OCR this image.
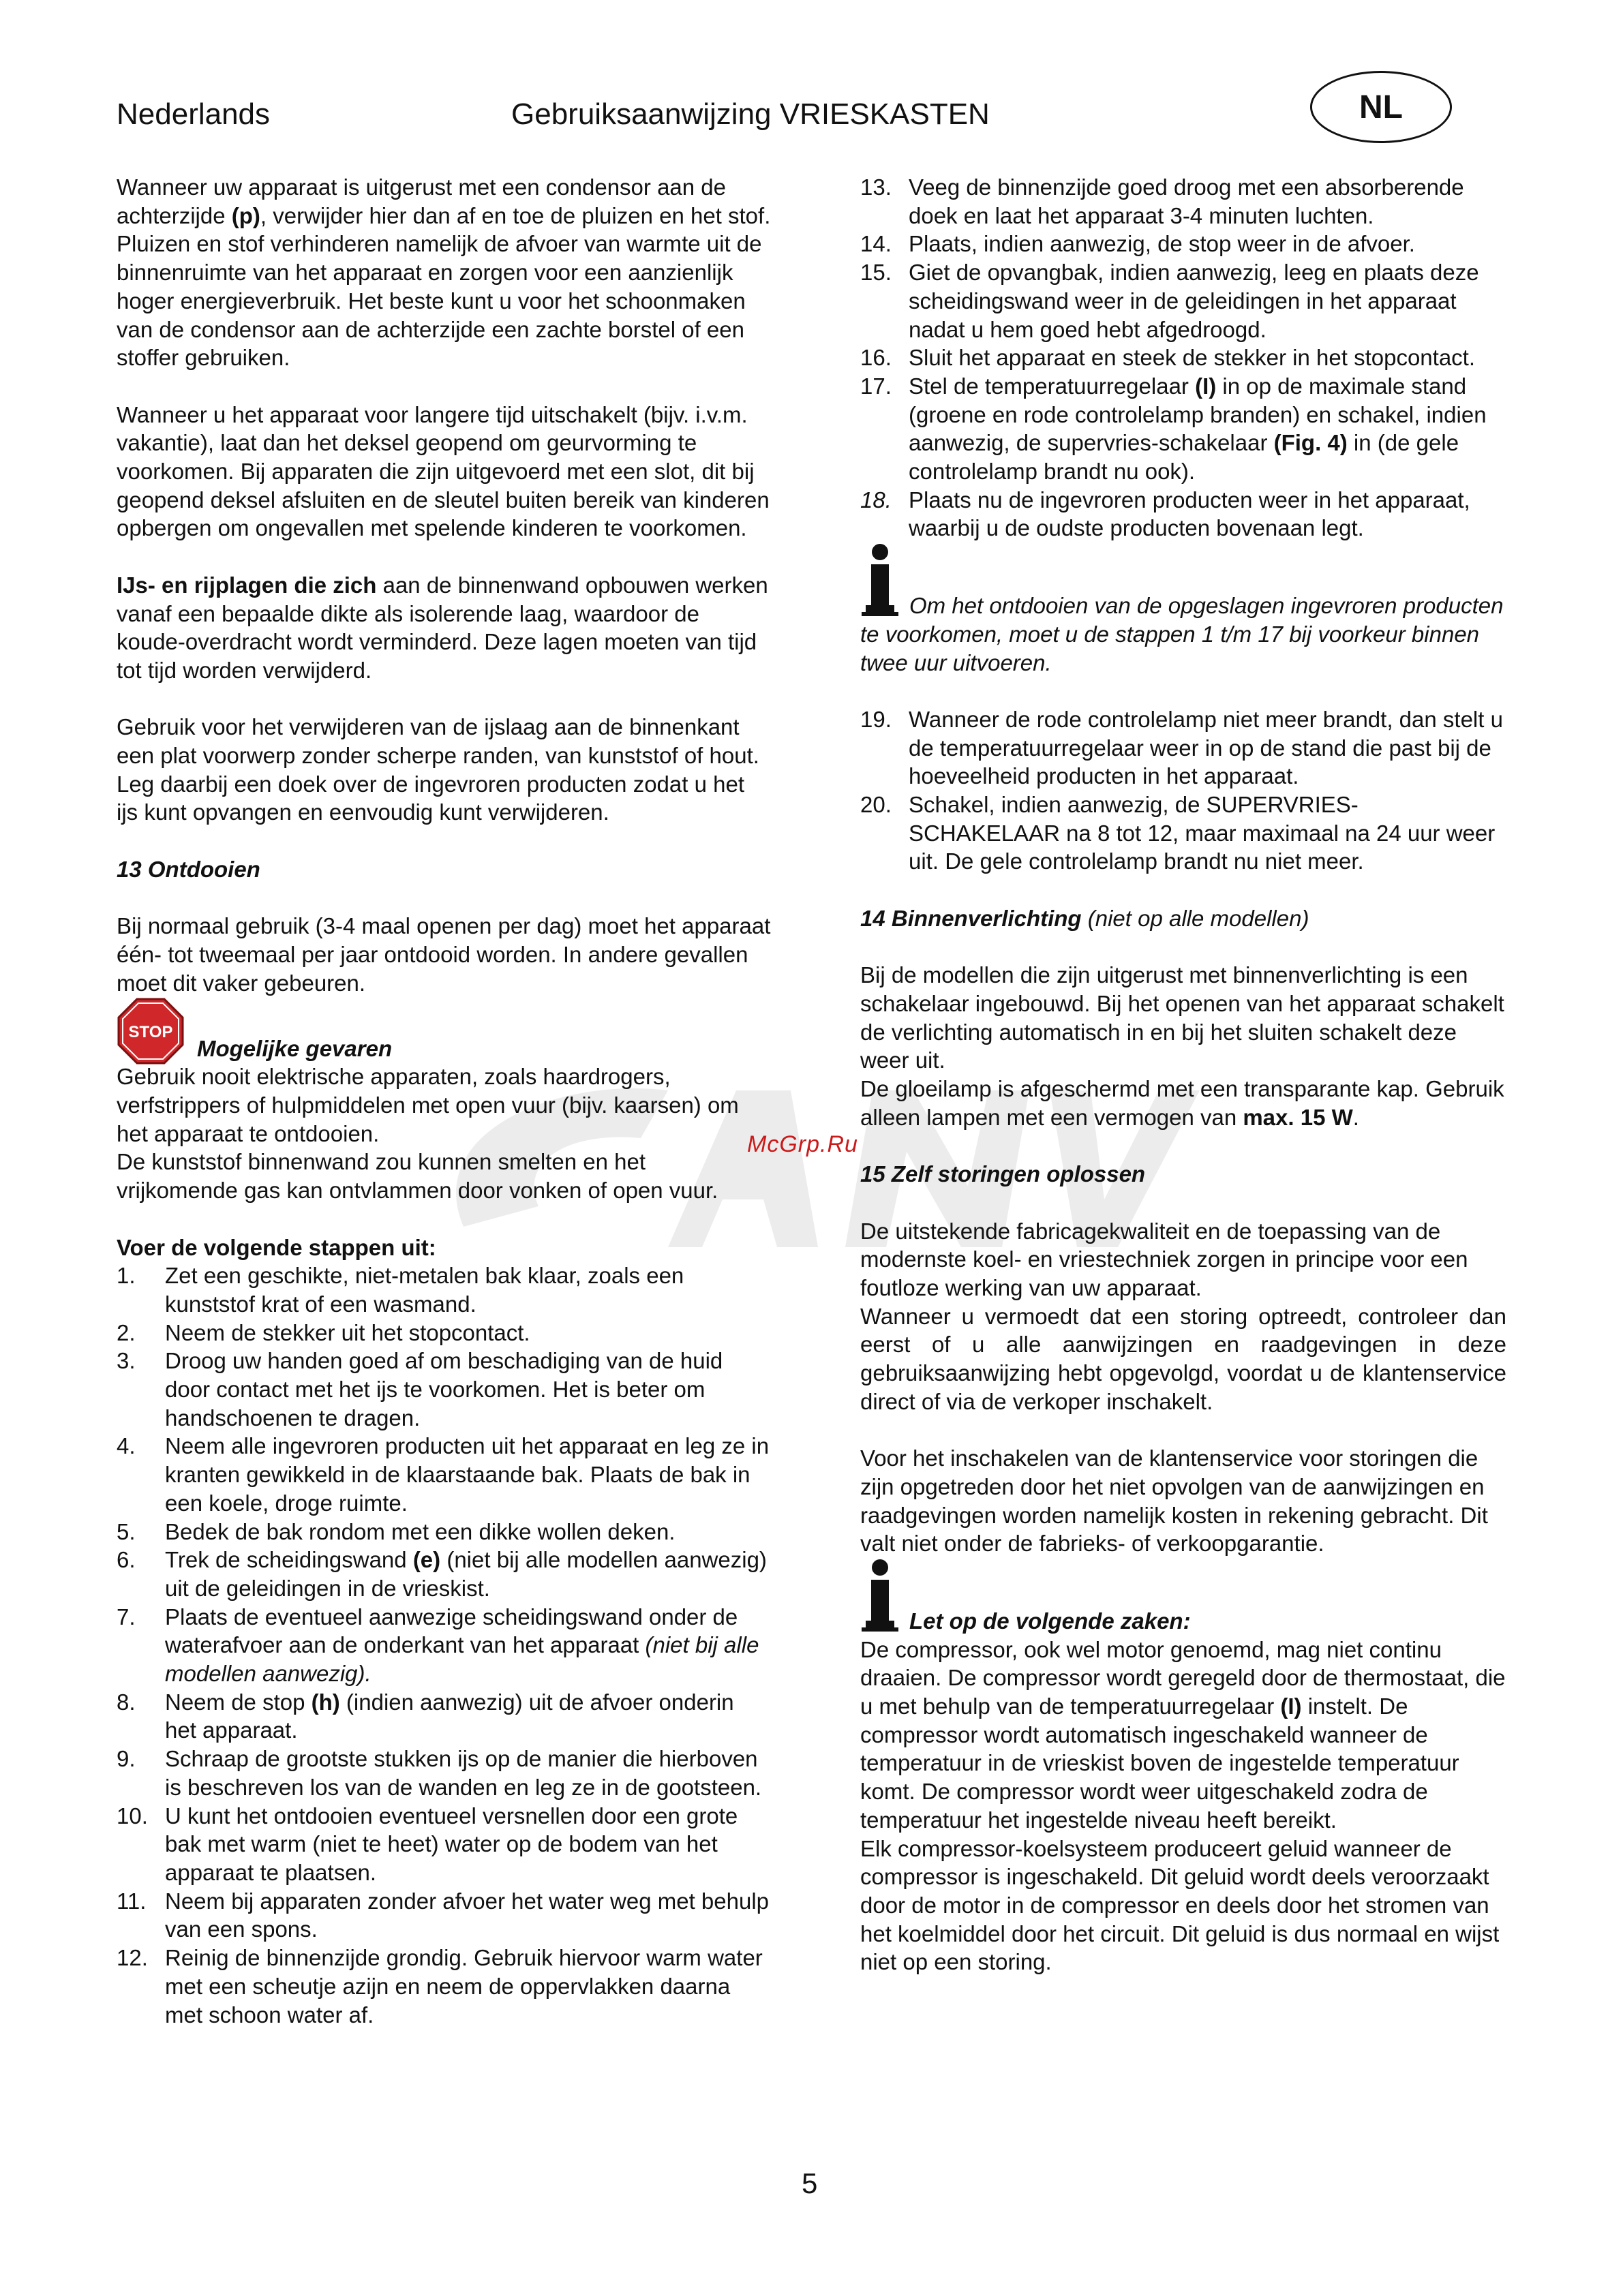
Nederlands	Gebruiksaanwijzing VRIESKASTEN	NL
McGrp.Ru

Wanneer uw apparaat is uitgerust met een condensor aan de achterzijde (p), verwijder hier dan af en toe de pluizen en het stof. Pluizen en stof verhinderen namelijk de afvoer van warmte uit de binnenruimte van het apparaat en zorgen voor een aanzienlijk hoger energieverbruik. Het beste kunt u voor het schoonmaken van de condensor aan de achterzijde een zachte borstel of een stoffer gebruiken.

Wanneer u het apparaat voor langere tijd uitschakelt (bijv. i.v.m. vakantie), laat dan het deksel geopend om geurvorming te voorkomen. Bij apparaten die zijn uitgevoerd met een slot, dit bij geopend deksel afsluiten en de sleutel buiten bereik van kinderen opbergen om ongevallen met spelende kinderen te voorkomen.

IJs- en rijplagen die zich aan de binnenwand opbouwen werken vanaf een bepaalde dikte als isolerende laag, waardoor de koude-overdracht wordt verminderd. Deze lagen moeten van tijd tot tijd worden verwijderd.

Gebruik voor het verwijderen van de ijslaag aan de binnenkant een plat voorwerp zonder scherpe randen, van kunststof of hout.

Leg daarbij een doek over de ingevroren producten zodat u het ijs kunt opvangen en eenvoudig kunt verwijderen.

13 Ontdooien

Bij normaal gebruik (3-4 maal openen per dag) moet het apparaat één- tot tweemaal per jaar ontdooid worden. In andere gevallen moet dit vaker gebeuren.

STOP
Mogelijke gevaren

Gebruik nooit elektrische apparaten, zoals haardrogers, verfstrippers of hulpmiddelen met open vuur (bijv. kaarsen) om het apparaat te ontdooien.

De kunststof binnenwand zou kunnen smelten en het vrijkomende gas kan ontvlammen door vonken of open vuur.

Voer de volgende stappen uit:

1. Zet een geschikte, niet-metalen bak klaar, zoals een kunststof krat of een wasmand.
2. Neem de stekker uit het stopcontact.
3. Droog uw handen goed af om beschadiging van de huid door contact met het ijs te voorkomen. Het is beter om handschoenen te dragen.
4. Neem alle ingevroren producten uit het apparaat en leg ze in kranten gewikkeld in de klaarstaande bak. Plaats de bak in een koele, droge ruimte.
5. Bedek de bak rondom met een dikke wollen deken.
6. Trek de scheidingswand (e) (niet bij alle modellen aanwezig) uit de geleidingen in de vrieskist.
7. Plaats de eventueel aanwezige scheidingswand onder de waterafvoer aan de onderkant van het apparaat (niet bij alle modellen aanwezig).
8. Neem de stop (h) (indien aanwezig) uit de afvoer onderin het apparaat.
9. Schraap de grootste stukken ijs op de manier die hierboven is beschreven los van de wanden en leg ze in de gootsteen.
10. U kunt het ontdooien eventueel versnellen door een grote bak met warm (niet te heet) water op de bodem van het apparaat te plaatsen.
11. Neem bij apparaten zonder afvoer het water weg met behulp van een spons.
12. Reinig de binnenzijde grondig. Gebruik hiervoor warm water met een scheutje azijn en neem de oppervlakken daarna met schoon water af.
13. Veeg de binnenzijde goed droog met een absorberende doek en laat het apparaat 3-4 minuten luchten.
14. Plaats, indien aanwezig, de stop weer in de afvoer.
15. Giet de opvangbak, indien aanwezig, leeg en plaats deze scheidingswand weer in de geleidingen in het apparaat nadat u hem goed hebt afgedroogd.
16. Sluit het apparaat en steek de stekker in het stopcontact.
17. Stel de temperatuurregelaar (I) in op de maximale stand (groene en rode controlelamp branden) en schakel, indien aanwezig, de supervries-schakelaar (Fig. 4) in (de gele controlelamp brandt nu ook).
18. Plaats nu de ingevroren producten weer in het apparaat, waarbij u de oudste producten bovenaan legt.

Om het ontdooien van de opgeslagen ingevroren producten te voorkomen, moet u de stappen 1 t/m 17 bij voorkeur binnen twee uur uitvoeren.

19. Wanneer de rode controlelamp niet meer brandt, dan stelt u de temperatuurregelaar weer in op de stand die past bij de hoeveelheid producten in het apparaat.
20. Schakel, indien aanwezig, de SUPERVRIES-SCHAKELAAR na 8 tot 12, maar maximaal na 24 uur weer uit. De gele controlelamp brandt nu niet meer.

14 Binnenverlichting (niet op alle modellen)

Bij de modellen die zijn uitgerust met binnenverlichting is een schakelaar ingebouwd. Bij het openen van het apparaat schakelt de verlichting automatisch in en bij het sluiten schakelt deze weer uit.

De gloeilamp is afgeschermd met een transparante kap. Gebruik alleen lampen met een vermogen van max. 15 W.

15 Zelf storingen oplossen

De uitstekende fabricagekwaliteit en de toepassing van de modernste koel- en vriestechniek zorgen in principe voor een foutloze werking van uw apparaat.

Wanneer u vermoedt dat een storing optreedt, controleer dan eerst of u alle aanwijzingen en raadgevingen in deze gebruiksaanwijzing hebt opgevolgd, voordat u de klantenservice direct of via de verkoper inschakelt.

Voor het inschakelen van de klantenservice voor storingen die zijn opgetreden door het niet opvolgen van de aanwijzingen en raadgevingen worden namelijk kosten in rekening gebracht. Dit valt niet onder de fabrieks- of verkoopgarantie.

Let op de volgende zaken:

De compressor, ook wel motor genoemd, mag niet continu draaien. De compressor wordt geregeld door de thermostaat, die u met behulp van de temperatuurregelaar (I) instelt. De compressor wordt automatisch ingeschakeld wanneer de temperatuur in de vrieskist boven de ingestelde temperatuur komt. De compressor wordt weer uitgeschakeld zodra de temperatuur het ingestelde niveau heeft bereikt.

Elk compressor-koelsysteem produceert geluid wanneer de compressor is ingeschakeld. Dit geluid wordt deels veroorzaakt door de motor in de compressor en deels door het stromen van het koelmiddel door het circuit. Dit geluid is dus normaal en wijst niet op een storing.

5
